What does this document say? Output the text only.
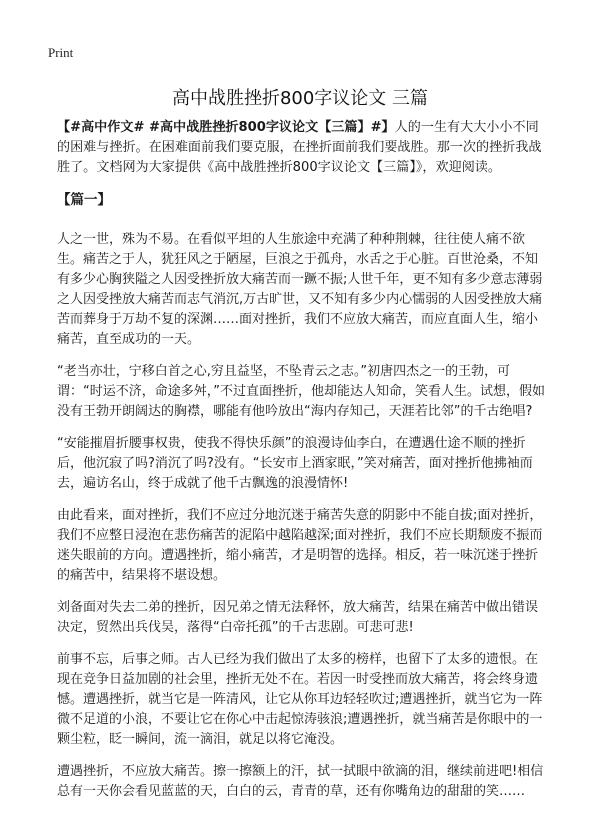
Print
高中战胜挫折800字议论文 三篇

【#高中作文# #高中战胜挫折800字议论文【三篇】#】人的一生有大大小小不同的困难与挫折。在困难面前我们要克服，在挫折面前我们要战胜。那一次的挫折我战胜了。文档网为大家提供《高中战胜挫折800字议论文【三篇】》，欢迎阅读。

【篇一】

人之一世，殊为不易。在看似平坦的人生旅途中充满了种种荆棘，往往使人痛不欲生。痛苦之于人，犹狂风之于陋屋，巨浪之于孤舟，水舌之于心脏。百世沧桑，不知有多少心胸狭隘之人因受挫折放大痛苦而一蹶不振;人世千年，更不知有多少意志薄弱之人因受挫放大痛苦而志气消沉,万古旷世，又不知有多少内心懦弱的人因受挫放大痛苦而葬身于万劫不复的深渊……面对挫折，我们不应放大痛苦，而应直面人生，缩小痛苦，直至成功的一天。

“老当亦壮，宁移白首之心,穷且益坚，不坠青云之志。”初唐四杰之一的王勃，可谓：“时运不济，命途多舛，”不过直面挫折，他却能达人知命，笑看人生。试想，假如没有王勃开朗阔达的胸襟，哪能有他吟放出“海内存知己，天涯若比邻”的千古绝唱?

“安能摧眉折腰事权贵，使我不得快乐颜”的浪漫诗仙李白，在遭遇仕途不顺的挫折后，他沉寂了吗?消沉了吗?没有。“长安市上酒家眠，”笑对痛苦，面对挫折他拂袖而去，遍访名山，终于成就了他千古飘逸的浪漫情怀!

由此看来，面对挫折，我们不应过分地沉迷于痛苦失意的阴影中不能自拔;面对挫折，我们不应整日浸泡在悲伤痛苦的泥陷中越陷越深;面对挫折，我们不应长期颓废不振而迷失眼前的方向。遭遇挫折，缩小痛苦，才是明智的选择。相反，若一味沉迷于挫折的痛苦中，结果将不堪设想。

刘备面对失去二弟的挫折，因兄弟之情无法释怀，放大痛苦，结果在痛苦中做出错误决定，贸然出兵伐吴，落得“白帝托孤”的千古悲剧。可悲可悲!

前事不忘，后事之师。古人已经为我们做出了太多的榜样，也留下了太多的遗恨。在现在竞争日益加剧的社会里，挫折无处不在。若因一时受挫而放大痛苦，将会终身遗憾。遭遇挫折，就当它是一阵清风，让它从你耳边轻轻吹过;遭遇挫折，就当它为一阵微不足道的小浪，不要让它在你心中击起惊涛骇浪;遭遇挫折，就当痛苦是你眼中的一颗尘粒，眨一瞬间，流一滴泪，就足以将它淹没。

遭遇挫折，不应放大痛苦。擦一擦额上的汗，拭一拭眼中欲滴的泪，继续前进吧!相信总有一天你会看见蓝蓝的天，白白的云，青青的草，还有你嘴角边的甜甜的笑……
